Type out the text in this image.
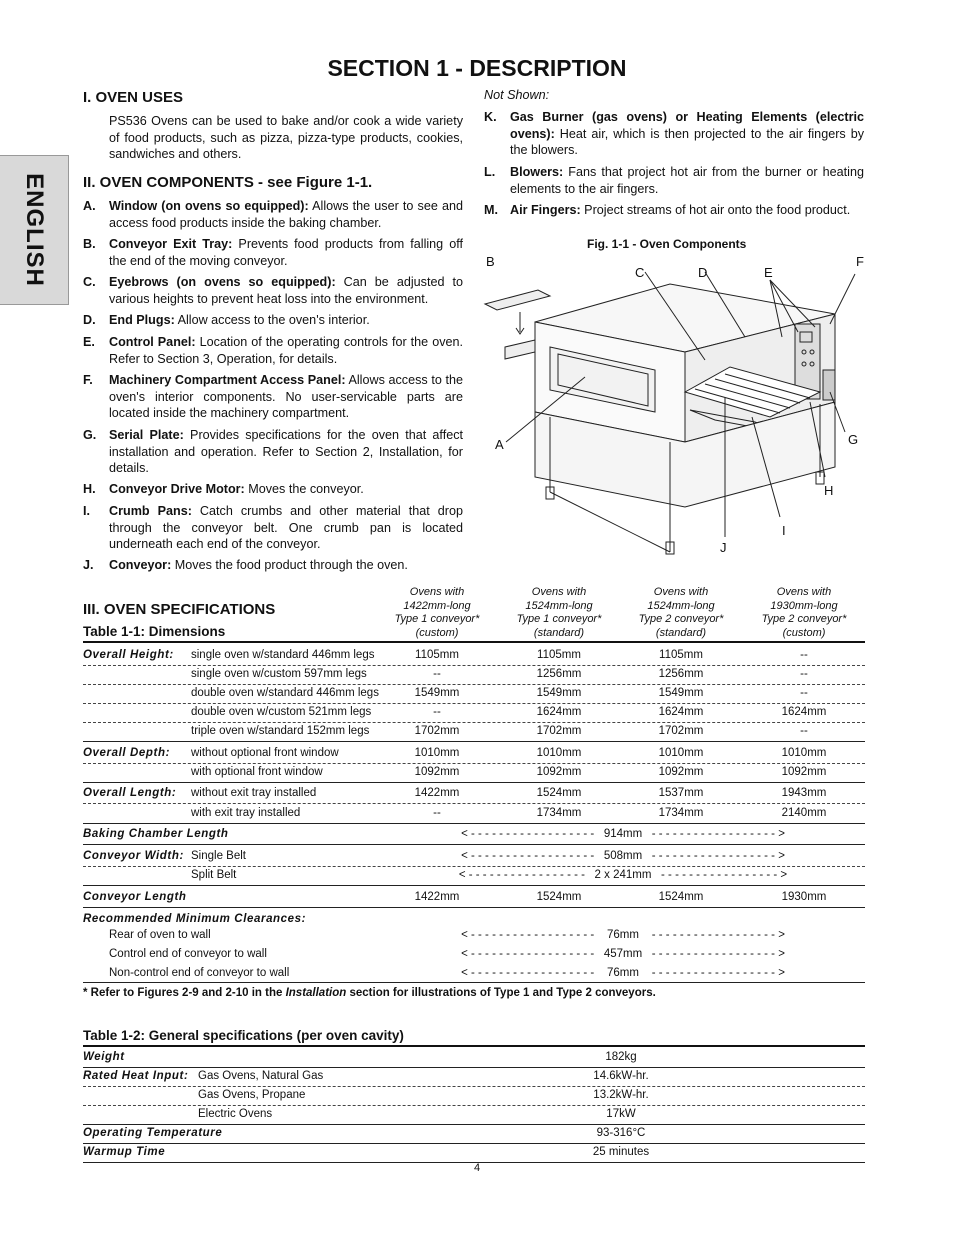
ENGLISH
SECTION 1 - DESCRIPTION
I. OVEN USES
PS536 Ovens can be used to bake and/or cook a wide variety of food products, such as pizza, pizza-type products, cookies, sandwiches and others.
II. OVEN COMPONENTS - see Figure 1-1.
A. Window (on ovens so equipped): Allows the user to see and access food products inside the baking chamber.
B. Conveyor Exit Tray: Prevents food products from falling off the end of the moving conveyor.
C. Eyebrows (on ovens so equipped): Can be adjusted to various heights to prevent heat loss into the environment.
D. End Plugs: Allow access to the oven's interior.
E. Control Panel: Location of the operating controls for the oven. Refer to Section 3, Operation, for details.
F. Machinery Compartment Access Panel: Allows access to the oven's interior components. No user-servicable parts are located inside the machinery compartment.
G. Serial Plate: Provides specifications for the oven that affect installation and operation. Refer to Section 2, Installation, for details.
H. Conveyor Drive Motor: Moves the conveyor.
I. Crumb Pans: Catch crumbs and other material that drop through the conveyor belt. One crumb pan is located underneath each end of the conveyor.
J. Conveyor: Moves the food product through the oven.
Not Shown:
K. Gas Burner (gas ovens) or Heating Elements (electric ovens): Heat air, which is then projected to the air fingers by the blowers.
L. Blowers: Fans that project hot air from the burner or heating elements to the air fingers.
M. Air Fingers: Project streams of hot air onto the food product.
Fig. 1-1 - Oven Components
A
B
C	D	E
F
G
H
I
J
III. OVEN SPECIFICATIONS
Table 1-1: Dimensions
Ovens with
1422mm-long
Type 1 conveyor*
(custom)
Ovens with
1524mm-long
Type 1 conveyor*
(standard)
Ovens with
1524mm-long
Type 2 conveyor*
(standard)
Ovens with
1930mm-long
Type 2 conveyor*
(custom)
Overall Height: single oven w/standard 446mm legs	1105mm	1105mm	1105mm	--
single oven w/custom 597mm legs	--	1256mm	1256mm	--
double oven w/standard 446mm legs	1549mm	1549mm	1549mm	--
double oven w/custom 521mm legs	--	1624mm	1624mm	1624mm
triple oven w/standard 152mm legs	1702mm	1702mm	1702mm	--
Overall Depth: without optional front window	1010mm	1010mm	1010mm	1010mm
with optional front window	1092mm	1092mm	1092mm	1092mm
Overall Length: without exit tray installed	1422mm	1524mm	1537mm	1943mm
with exit tray installed	--	1734mm	1734mm	2140mm
Baking Chamber Length	< - - - - - - - - - - - - - - - - - -   914mm   - - - - - - - - - - - - - - - - - - >
Conveyor Width: Single Belt	< - - - - - - - - - - - - - - - - - -   508mm   - - - - - - - - - - - - - - - - - - >
Split Belt	< - - - - - - - - - - - - - - - - -   2 x 241mm   - - - - - - - - - - - - - - - - - >
Conveyor Length	1422mm	1524mm	1524mm	1930mm
Recommended Minimum Clearances:
Rear of oven to wall	< - - - - - - - - - - - - - - - - - -    76mm    - - - - - - - - - - - - - - - - - - >
Control end of conveyor to wall	< - - - - - - - - - - - - - - - - - -   457mm   - - - - - - - - - - - - - - - - - - >
Non-control end of conveyor to wall	< - - - - - - - - - - - - - - - - - -    76mm    - - - - - - - - - - - - - - - - - - >
* Refer to Figures 2-9 and 2-10 in the Installation section for illustrations of Type 1 and Type 2 conveyors.
Table 1-2: General specifications (per oven cavity)
Weight	182kg
Rated Heat Input: Gas Ovens, Natural Gas	14.6kW-hr.
Gas Ovens, Propane	13.2kW-hr.
Electric Ovens	17kW
Operating Temperature	93-316°C
Warmup Time	25 minutes
4
